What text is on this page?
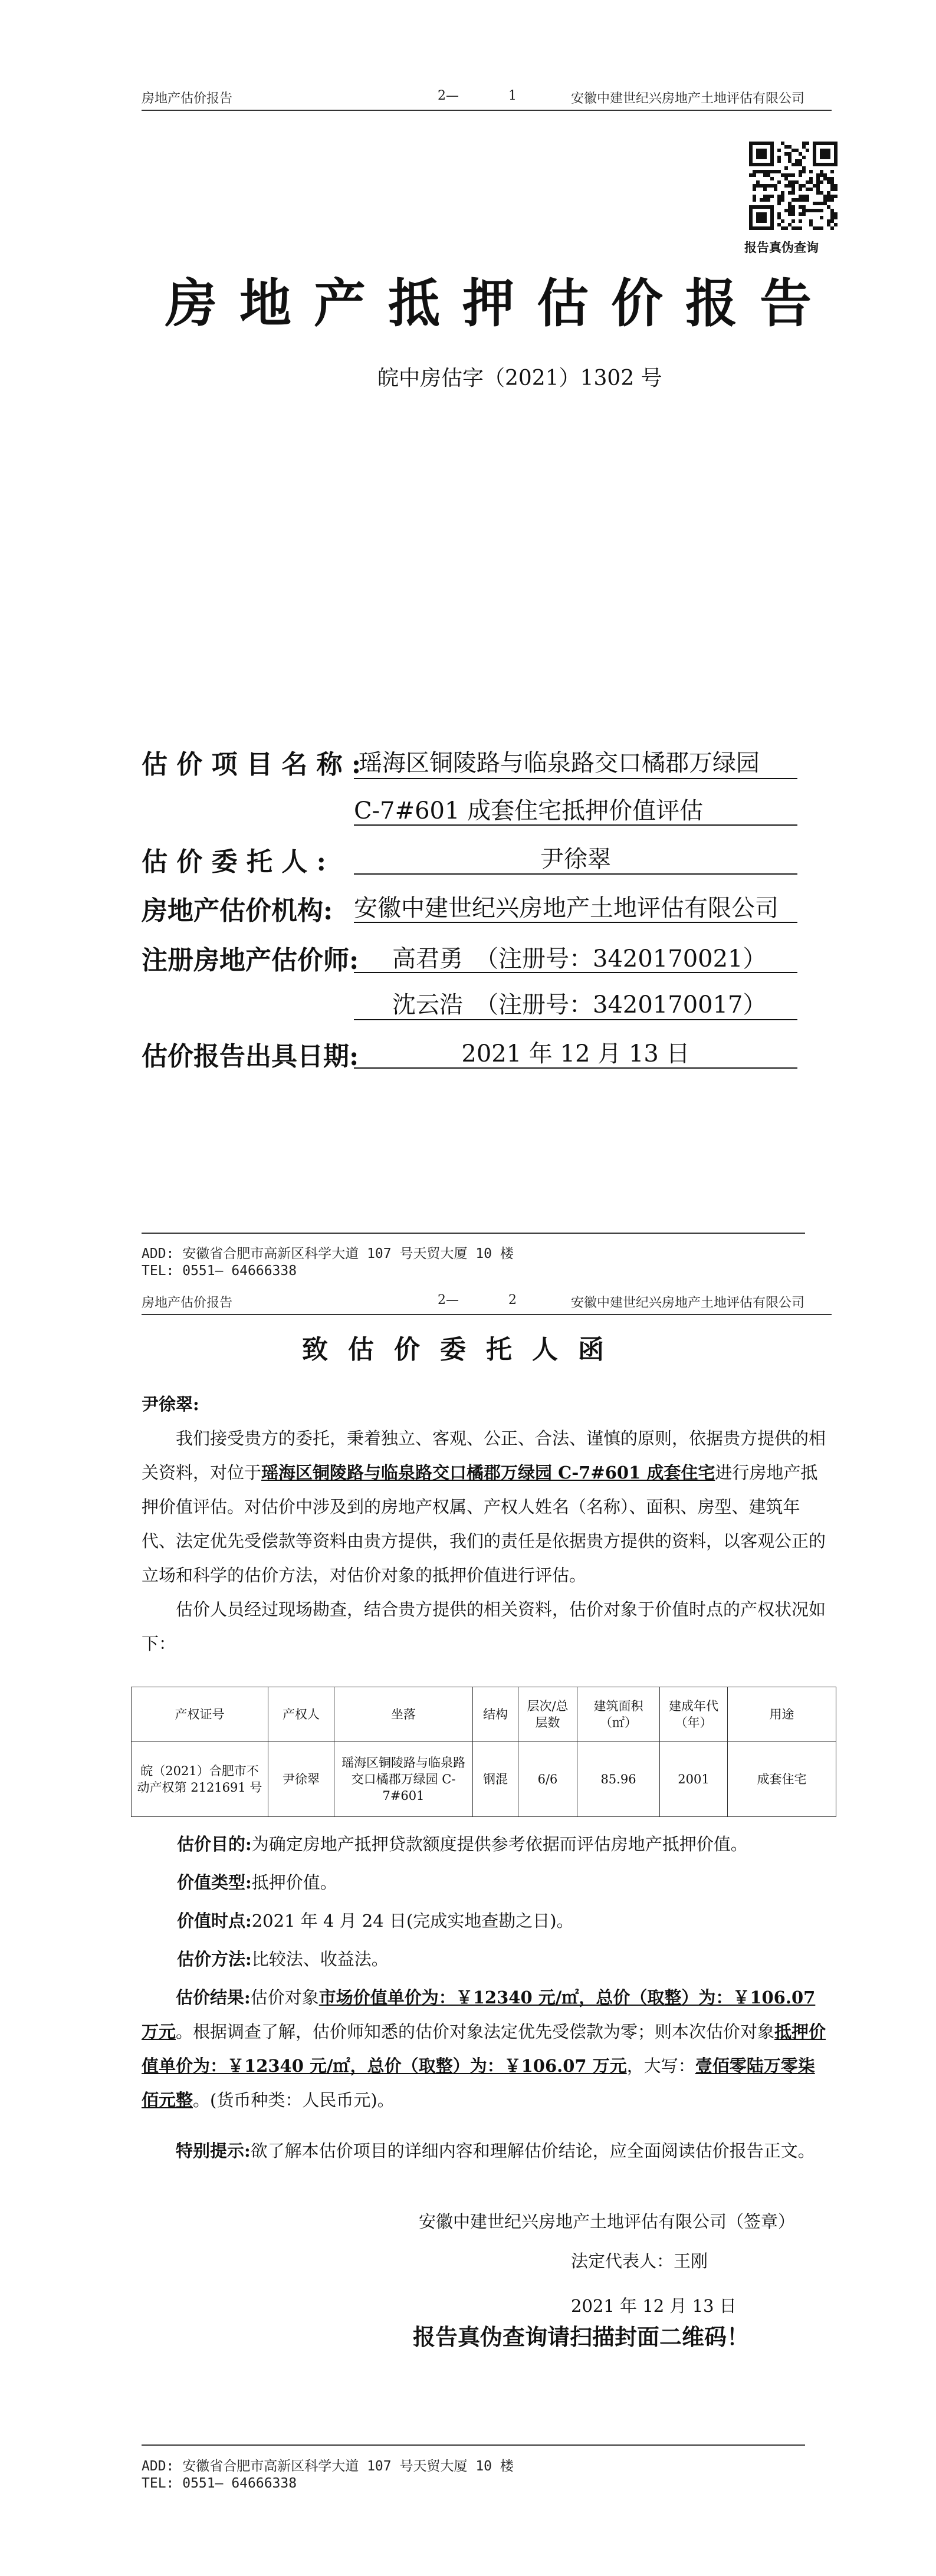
房地产估价报告	2—	1	安徽中建世纪兴房地产土地评估有限公司
报告真伪查询
房地产抵押估价报告
皖中房估字（2021）1302 号
估 价 项 目 名 称 :
瑶海区铜陵路与临泉路交口橘郡万绿园
C-7#601 成套住宅抵押价值评估
估 价 委 托 人 :	尹徐翠
房地产估价机构: 安徽中建世纪兴房地产土地评估有限公司
注册房地产估价师: 高君勇　（注册号：3420170021）
沈云浩　（注册号：3420170017）
估价报告出具日期:	2021 年 12 月 13 日
ADD: 安徽省合肥市高新区科学大道 107 号天贸大厦 10 楼
TEL: 0551— 64666338
房地产估价报告	2—	2	安徽中建世纪兴房地产土地评估有限公司
致估价委托人函
尹徐翠:
我们接受贵方的委托，秉着独立、客观、公正、合法、谨慎的原则，依据贵方提供的相关资料，对位于瑶海区铜陵路与临泉路交口橘郡万绿园 C-7#601 成套住宅进行房地产抵押价值评估。对估价中涉及到的房地产权属、产权人姓名（名称）、面积、房型、建筑年代、法定优先受偿款等资料由贵方提供，我们的责任是依据贵方提供的资料，以客观公正的立场和科学的估价方法，对估价对象的抵押价值进行评估。
估价人员经过现场勘查，结合贵方提供的相关资料，估价对象于价值时点的产权状况如下：
产权证号	产权人	坐落	结构	层次/总层数	建筑面积（㎡）	建成年代（年）	用途
皖（2021）合肥市不动产权第 2121691 号	尹徐翠	瑶海区铜陵路与临泉路交口橘郡万绿园 C-7#601	钢混	6/6	85.96	2001	成套住宅
估价目的:为确定房地产抵押贷款额度提供参考依据而评估房地产抵押价值。
价值类型:抵押价值。
价值时点:2021 年 4 月 24 日(完成实地查勘之日)。
估价方法:比较法、收益法。
估价结果:估价对象市场价值单价为：￥12340 元/㎡，总价（取整）为：￥106.07 万元。根据调查了解，估价师知悉的估价对象法定优先受偿款为零；则本次估价对象抵押价值单价为：￥12340 元/㎡，总价（取整）为：￥106.07 万元，大写：壹佰零陆万零柒佰元整。(货币种类：人民币元)。
特别提示:欲了解本估价项目的详细内容和理解估价结论，应全面阅读估价报告正文。
安徽中建世纪兴房地产土地评估有限公司（签章）
法定代表人：王刚
2021 年 12 月 13 日
报告真伪查询请扫描封面二维码！
ADD: 安徽省合肥市高新区科学大道 107 号天贸大厦 10 楼
TEL: 0551— 64666338
